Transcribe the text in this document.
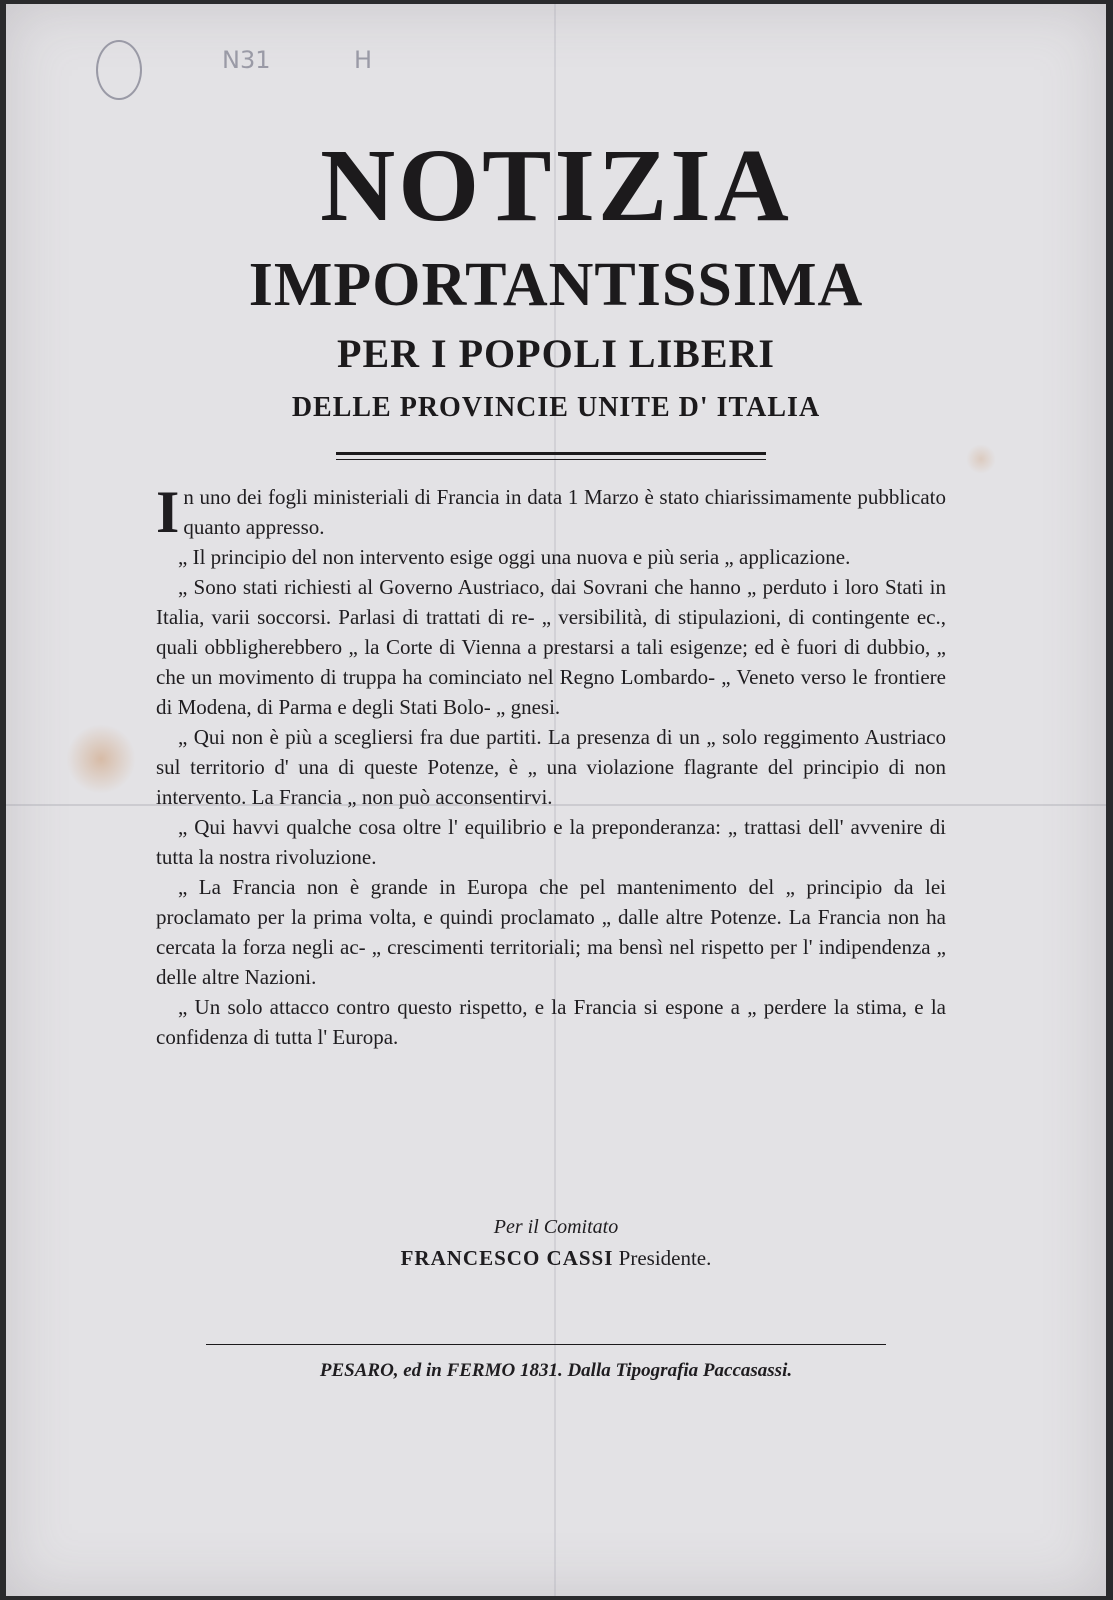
N31	H
NOTIZIA
IMPORTANTISSIMA
PER I POPOLI LIBERI
DELLE PROVINCIE UNITE D' ITALIA

In uno dei fogli ministeriali di Francia in data 1 Marzo è stato chiarissimamente pubblicato quanto appresso.

„ Il principio del non intervento esige oggi una nuova e più seria „ applicazione.

„ Sono stati richiesti al Governo Austriaco, dai Sovrani che hanno „ perduto i loro Stati in Italia, varii soccorsi. Parlasi di trattati di re- „ versibilità, di stipulazioni, di contingente ec., quali obbligherebbero „ la Corte di Vienna a prestarsi a tali esigenze; ed è fuori di dubbio, „ che un movimento di truppa ha cominciato nel Regno Lombardo- „ Veneto verso le frontiere di Modena, di Parma e degli Stati Bolo- „ gnesi.

„ Qui non è più a scegliersi fra due partiti. La presenza di un „ solo reggimento Austriaco sul territorio d' una di queste Potenze, è „ una violazione flagrante del principio di non intervento. La Francia „ non può acconsentirvi.

„ Qui havvi qualche cosa oltre l' equilibrio e la preponderanza: „ trattasi dell' avvenire di tutta la nostra rivoluzione.

„ La Francia non è grande in Europa che pel mantenimento del „ principio da lei proclamato per la prima volta, e quindi proclamato „ dalle altre Potenze. La Francia non ha cercata la forza negli ac- „ crescimenti territoriali; ma bensì nel rispetto per l' indipendenza „ delle altre Nazioni.

„ Un solo attacco contro questo rispetto, e la Francia si espone a „ perdere la stima, e la confidenza di tutta l' Europa.

Per il Comitato
FRANCESCO CASSI Presidente.
PESARO, ed in FERMO 1831. Dalla Tipografia Paccasassi.
